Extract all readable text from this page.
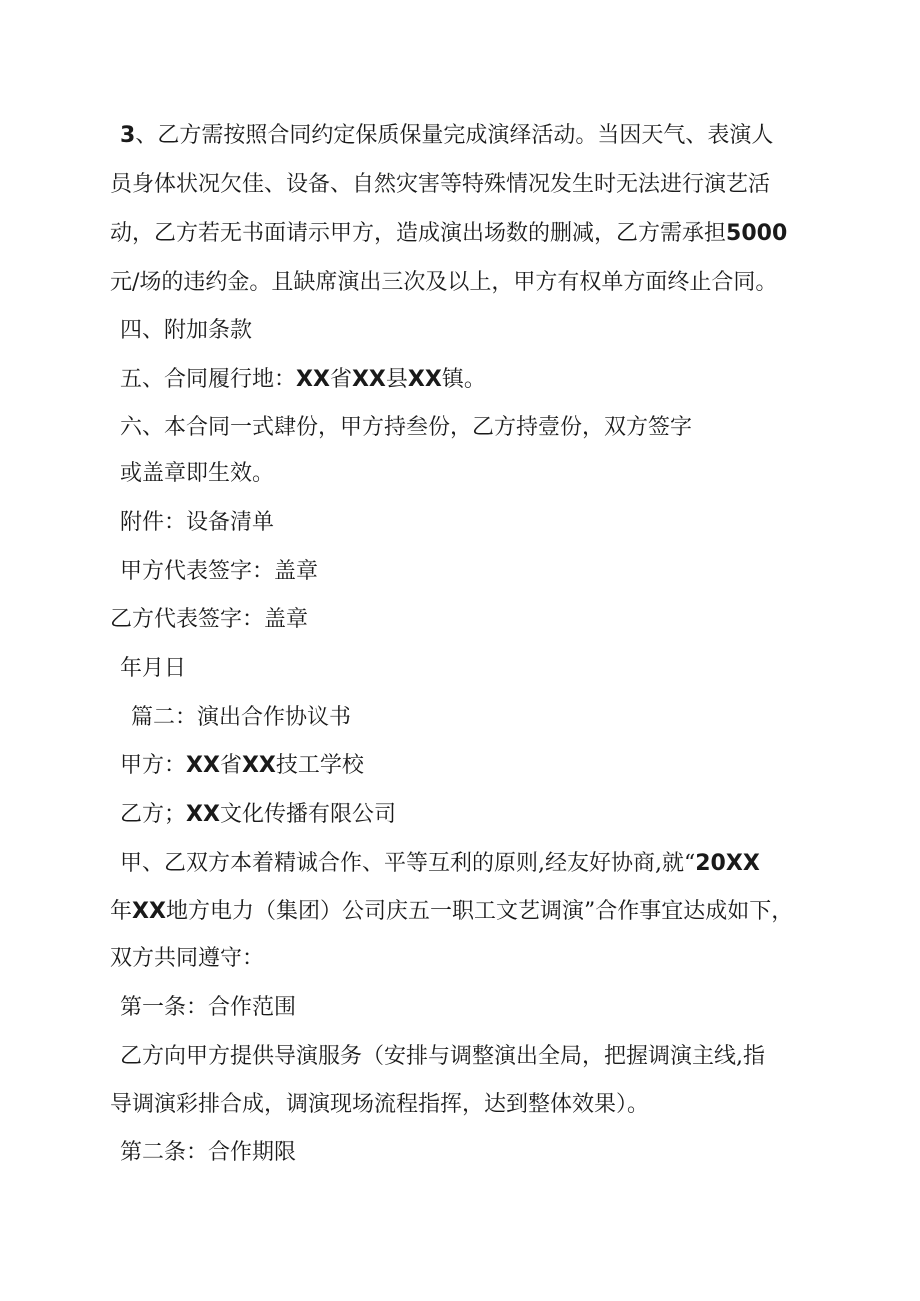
3、乙方需按照合同约定保质保量完成演绎活动。当因天气、表演人
员身体状况欠佳、设备、自然灾害等特殊情况发生时无法进行演艺活
动，乙方若无书面请示甲方，造成演出场数的删减，乙方需承担5000
元/场的违约金。且缺席演出三次及以上，甲方有权单方面终止合同。
四、附加条款
五、合同履行地：XX省XX县XX镇。
六、本合同一式肆份，甲方持叁份，乙方持壹份，双方签字
或盖章即生效。
附件：设备清单
甲方代表签字：盖章
乙方代表签字：盖章
年月日
篇二：演出合作协议书
甲方：XX省XX技工学校
乙方；XX文化传播有限公司
甲、乙双方本着精诚合作、平等互利的原则,经友好协商,就“20XX
年XX地方电力（集团）公司庆五一职工文艺调演”合作事宜达成如下，
双方共同遵守：
第一条：合作范围
乙方向甲方提供导演服务（安排与调整演出全局，把握调演主线,指
导调演彩排合成，调演现场流程指挥，达到整体效果）。
第二条：合作期限
